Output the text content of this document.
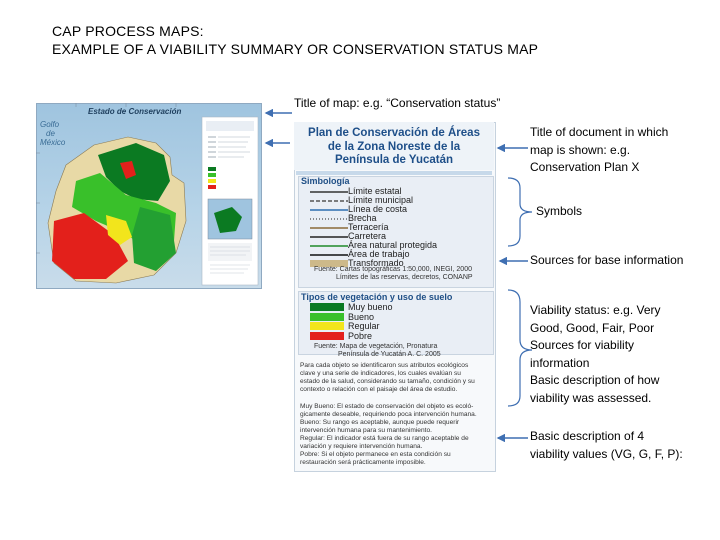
CAP PROCESS MAPS:
EXAMPLE OF A VIABILITY SUMMARY OR CONSERVATION STATUS MAP
Estado de Conservación
Golfo
de
México
Plan de Conservación de Áreas
de la Zona Noreste de la
Península de Yucatán
Simbología
Límite estatal
Límite municipal
Línea de costa
Brecha
Terracería
Carretera
Área natural protegida
Área de trabajo
Transformado
Fuente: Cartas topográficas 1:50,000, INEGI, 2000
Límites de las reservas, decretos, CONANP
Tipos de vegetación y uso de suelo
Muy bueno
Bueno
Regular
Pobre
Fuente: Mapa de vegetación, Pronatura
Península de Yucatán A. C. 2005
Para cada objeto se identificaron sus atributos ecológicos
clave y una serie de indicadores, los cuales evalúan su
estado de la salud, considerando su tamaño, condición y su
contexto o relación con el paisaje del área de estudio.
Muy Bueno: El estado de conservación del objeto es ecoló-
gicamente deseable, requiriendo poca intervención humana.
Bueno: Su rango es aceptable, aunque puede requerir
intervención humana para su mantenimiento.
Regular: El indicador está fuera de su rango aceptable de
variación y requiere intervención humana.
Pobre: Si el objeto permanece en esta condición su
restauración será prácticamente imposible.
Title of map: e.g. “Conservation status”
Title of document in which
map is shown: e.g.
Conservation Plan X
Symbols
Sources for base information
Viability status: e.g. Very
Good, Good, Fair, Poor
Sources for viability
information
Basic description of how
viability was assessed.
Basic description of 4
viability values (VG, G, F, P):
